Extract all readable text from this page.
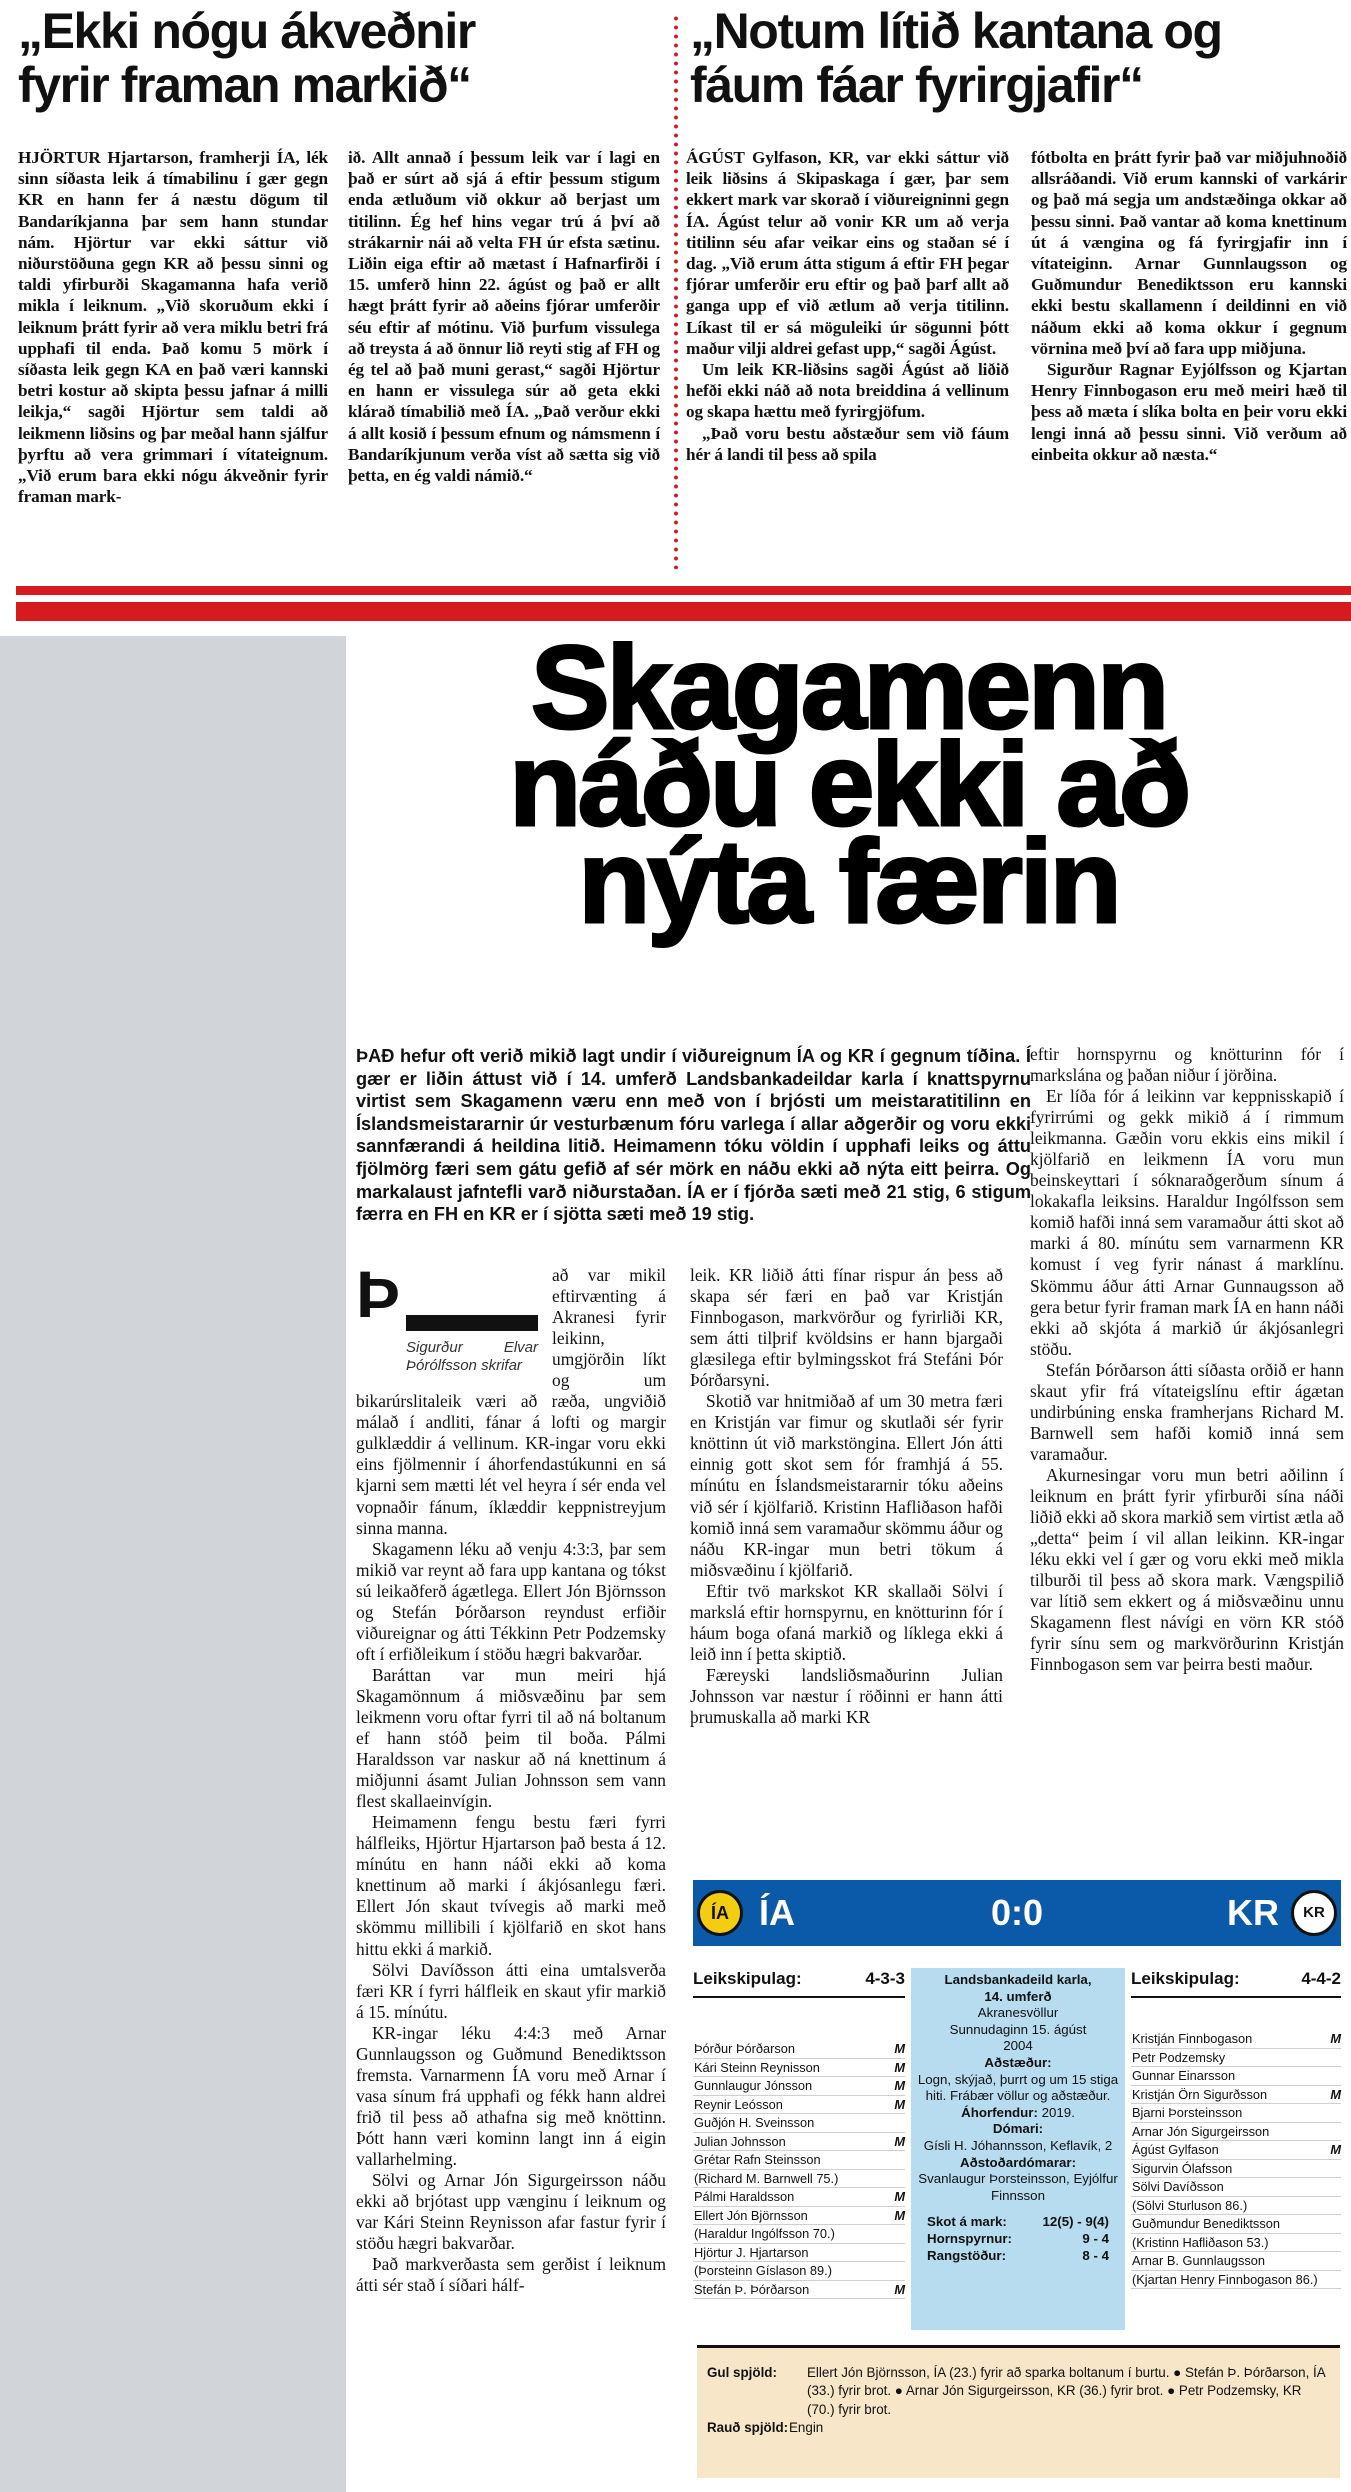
„Ekki nógu ákveðnir
fyrir framan markið“
HJÖRTUR Hjartarson, framherji ÍA, lék sinn síðasta leik á tímabilinu í gær gegn KR en hann fer á næstu dögum til Bandaríkjanna þar sem hann stundar nám. Hjörtur var ekki sáttur við niðurstöðuna gegn KR að þessu sinni og taldi yfirburði Skagamanna hafa verið mikla í leiknum. „Við skoruðum ekki í leiknum þrátt fyrir að vera miklu betri frá upphafi til enda. Það komu 5 mörk í síðasta leik gegn KA en það væri kannski betri kostur að skipta þessu jafnar á milli leikja,“ sagði Hjörtur sem taldi að leikmenn liðsins og þar meðal hann sjálfur þyrftu að vera grimmari í vítateignum. „Við erum bara ekki nógu ákveðnir fyrir framan mark-
ið. Allt annað í þessum leik var í lagi en það er súrt að sjá á eftir þessum stigum enda ætluðum við okkur að berjast um titilinn. Ég hef hins vegar trú á því að strákarnir nái að velta FH úr efsta sætinu. Liðin eiga eftir að mætast í Hafnarfirði í 15. umferð hinn 22. ágúst og það er allt hægt þrátt fyrir að aðeins fjórar umferðir séu eftir af mótinu. Við þurfum vissulega að treysta á að önnur lið reyti stig af FH og ég tel að það muni gerast,“ sagði Hjörtur en hann er vissulega súr að geta ekki klárað tímabilið með ÍA. „Það verður ekki á allt kosið í þessum efnum og námsmenn í Bandaríkjunum verða víst að sætta sig við þetta, en ég valdi námið.“
„Notum lítið kantana og
fáum fáar fyrirgjafir“
ÁGÚST Gylfason, KR, var ekki sáttur við leik liðsins á Skipaskaga í gær, þar sem ekkert mark var skorað í viðureigninni gegn ÍA. Ágúst telur að vonir KR um að verja titilinn séu afar veikar eins og staðan sé í dag. „Við erum átta stigum á eftir FH þegar fjórar umferðir eru eftir og það þarf allt að ganga upp ef við ætlum að verja titilinn. Líkast til er sá möguleiki úr sögunni þótt maður vilji aldrei gefast upp,“ sagði Ágúst.
Um leik KR-liðsins sagði Ágúst að liðið hefði ekki náð að nota breiddina á vellinum og skapa hættu með fyrirgjöfum.
„Það voru bestu aðstæður sem við fáum hér á landi til þess að spila
fótbolta en þrátt fyrir það var miðjuhnoðið allsráðandi. Við erum kannski of varkárir og það má segja um andstæðinga okkar að þessu sinni. Það vantar að koma knettinum út á vængina og fá fyrirgjafir inn í vítateiginn. Arnar Gunnlaugsson og Guðmundur Benediktsson eru kannski ekki bestu skallamenn í deildinni en við náðum ekki að koma okkur í gegnum vörnina með því að fara upp miðjuna.
Sigurður Ragnar Eyjólfsson og Kjartan Henry Finnbogason eru með meiri hæð til þess að mæta í slíka bolta en þeir voru ekki lengi inná að þessu sinni. Við verðum að einbeita okkur að næsta.“
Skagamenn
náðu ekki að
nýta færin
ÞAÐ hefur oft verið mikið lagt undir í viðureignum ÍA og KR í gegnum tíðina. Í gær er liðin áttust við í 14. umferð Landsbankadeildar karla í knattspyrnu virtist sem Skagamenn væru enn með von í brjósti um meistaratitilinn en Íslandsmeistararnir úr vesturbænum fóru varlega í allar aðgerðir og voru ekki sannfærandi á heildina litið. Heimamenn tóku völdin í upphafi leiks og áttu fjölmörg færi sem gátu gefið af sér mörk en náðu ekki að nýta eitt þeirra. Og markalaust jafntefli varð niðurstaðan. ÍA er í fjórða sæti með 21 stig, 6 stigum færra en FH en KR er í sjötta sæti með 19 stig.
Þ
Sigurður Elvar Þórólfsson skrifar
að var mikil eftirvænting á Akranesi fyrir leikinn, umgjörðin líkt og um bikarúrslitaleik væri að ræða, ungviðið málað í andliti, fánar á lofti og margir gulklæddir á vellinum. KR-ingar voru ekki eins fjölmennir í áhorfendastúkunni en sá kjarni sem mætti lét vel heyra í sér enda vel vopnaðir fánum, íklæddir keppnistreyjum sinna manna.
Skagamenn léku að venju 4:3:3, þar sem mikið var reynt að fara upp kantana og tókst sú leikaðferð ágætlega. Ellert Jón Björnsson og Stefán Þórðarson reyndust erfiðir viðureignar og átti Tékkinn Petr Podzemsky oft í erfiðleikum í stöðu hægri bakvarðar.
Baráttan var mun meiri hjá Skagamönnum á miðsvæðinu þar sem leikmenn voru oftar fyrri til að ná boltanum ef hann stóð þeim til boða. Pálmi Haraldsson var naskur að ná knettinum á miðjunni ásamt Julian Johnsson sem vann flest skallaeinvígin.
Heimamenn fengu bestu færi fyrri hálfleiks, Hjörtur Hjartarson það besta á 12. mínútu en hann náði ekki að koma knettinum að marki í ákjósanlegu færi. Ellert Jón skaut tvívegis að marki með skömmu millibili í kjölfarið en skot hans hittu ekki á markið.
Sölvi Davíðsson átti eina umtalsverða færi KR í fyrri hálfleik en skaut yfir markið á 15. mínútu.
KR-ingar léku 4:4:3 með Arnar Gunnlaugsson og Guðmund Benediktsson fremsta. Varnarmenn ÍA voru með Arnar í vasa sínum frá upphafi og fékk hann aldrei frið til þess að athafna sig með knöttinn. Þótt hann væri kominn langt inn á eigin vallarhelming.
Sölvi og Arnar Jón Sigurgeirsson náðu ekki að brjótast upp vænginu í leiknum og var Kári Steinn Reynisson afar fastur fyrir í stöðu hægri bakvarðar.
Það markverðasta sem gerðist í leiknum átti sér stað í síðari hálf-
leik. KR liðið átti fínar rispur án þess að skapa sér færi en það var Kristján Finnbogason, markvörður og fyrirliði KR, sem átti tilþrif kvöldsins er hann bjargaði glæsilega eftir bylmingsskot frá Stefáni Þór Þórðarsyni.
Skotið var hnitmiðað af um 30 metra færi en Kristján var fimur og skutlaði sér fyrir knöttinn út við markstöngina. Ellert Jón átti einnig gott skot sem fór framhjá á 55. mínútu en Íslandsmeistararnir tóku aðeins við sér í kjölfarið. Kristinn Hafliðason hafði komið inná sem varamaður skömmu áður og náðu KR-ingar mun betri tökum á miðsvæðinu í kjölfarið.
Eftir tvö markskot KR skallaði Sölvi í markslá eftir hornspyrnu, en knötturinn fór í háum boga ofaná markið og líklega ekki á leið inn í þetta skiptið.
Færeyski landsliðsmaðurinn Julian Johnsson var næstur í röðinni er hann átti þrumuskalla að marki KR
eftir hornspyrnu og knötturinn fór í markslána og þaðan niður í jörðina.
Er líða fór á leikinn var keppnisskapið í fyrirrúmi og gekk mikið á í rimmum leikmanna. Gæðin voru ekkis eins mikil í kjölfarið en leikmenn ÍA voru mun beinskeyttari í sóknaraðgerðum sínum á lokakafla leiksins. Haraldur Ingólfsson sem komið hafði inná sem varamaður átti skot að marki á 80. mínútu sem varnarmenn KR komust í veg fyrir nánast á marklínu. Skömmu áður átti Arnar Gunnaugsson að gera betur fyrir framan mark ÍA en hann náði ekki að skjóta á markið úr ákjósanlegri stöðu.
Stefán Þórðarson átti síðasta orðið er hann skaut yfir frá vítateigslínu eftir ágætan undirbúning enska framherjans Richard M. Barnwell sem hafði komið inná sem varamaður.
Akurnesingar voru mun betri aðilinn í leiknum en þrátt fyrir yfirburði sína náði liðið ekki að skora markið sem virtist ætla að „detta“ þeim í vil allan leikinn. KR-ingar léku ekki vel í gær og voru ekki með mikla tilburði til þess að skora mark. Vængspilið var lítið sem ekkert og á miðsvæðinu unnu Skagamenn flest návígi en vörn KR stóð fyrir sínu sem og markvörðurinn Kristján Finnbogason sem var þeirra besti maður.
ÍA ÍA	0:0	KR	KR
Leikskipulag:	4-3-3
Þórður Þórðarson	M
Kári Steinn Reynisson	M
Gunnlaugur Jónsson	M
Reynir Leósson	M
Guðjón H. Sveinsson
Julian Johnsson	M
Grétar Rafn Steinsson
(Richard M. Barnwell 75.)
Pálmi Haraldsson	M
Ellert Jón Björnsson	M
(Haraldur Ingólfsson 70.)
Hjörtur J. Hjartarson
(Þorsteinn Gíslason 89.)
Stefán Þ. Þórðarson	M
Landsbankadeild karla,
14. umferð
Akranesvöllur
Sunnudaginn 15. ágúst
2004
Aðstæður:
Logn, skýjað, þurrt og um 15 stiga hiti. Frábær völlur og aðstæður.
Áhorfendur: 2019.
Dómari:
Gísli H. Jóhannsson, Keflavík, 2
Aðstoðardómarar:
Svanlaugur Þorsteinsson, Eyjólfur Finnsson
Skot á mark:	12(5) - 9(4)
Hornspyrnur:	9 - 4
Rangstöður:	8 - 4
Leikskipulag:	4-4-2
Kristján Finnbogason	M
Petr Podzemsky
Gunnar Einarsson
Kristján Örn Sigurðsson	M
Bjarni Þorsteinsson
Arnar Jón Sigurgeirsson
Ágúst Gylfason	M
Sigurvin Ólafsson
Sölvi Davíðsson
(Sölvi Sturluson 86.)
Guðmundur Benediktsson
(Kristinn Hafliðason 53.)
Arnar B. Gunnlaugsson
(Kjartan Henry Finnbogason 86.)
Gul spjöld:	Ellert Jón Björnsson, ÍA (23.) fyrir að sparka boltanum í burtu. ● Stefán Þ. Þórðarson, ÍA (33.) fyrir brot. ● Arnar Jón Sigurgeirsson, KR (36.) fyrir brot. ● Petr Podzemsky, KR (70.) fyrir brot.
Rauð spjöld: Engin
